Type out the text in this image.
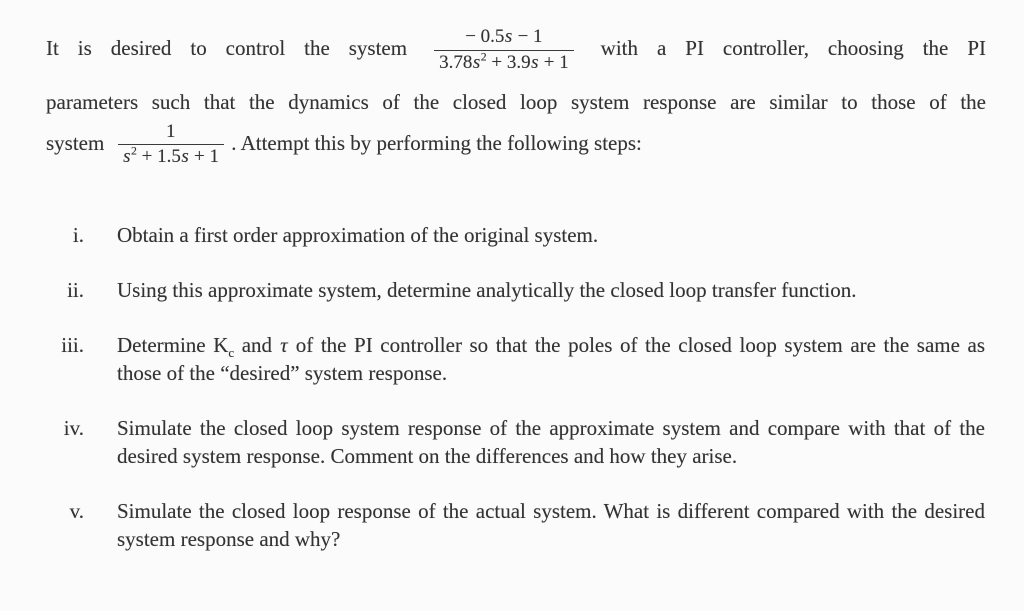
It is desired to control the system $\frac{- 0.5s - 1}{3.78s^2 + 3.9s + 1}$ with a PI controller, choosing the PI
parameters such that the dynamics of the closed loop system response are similar to those of the
system $\frac{1}{s^2 + 1.5s + 1}$ . Attempt this by performing the following steps:
i. Obtain a first order approximation of the original system.
ii. Using this approximate system, determine analytically the closed loop transfer function.
iii. Determine $K_c$ and τ of the PI controller so that the poles of the closed loop system are the same as those of the “desired” system response.
iv. Simulate the closed loop system response of the approximate system and compare with that of the desired system response. Comment on the differences and how they arise.
v. Simulate the closed loop response of the actual system. What is different compared with the desired system response and why?
